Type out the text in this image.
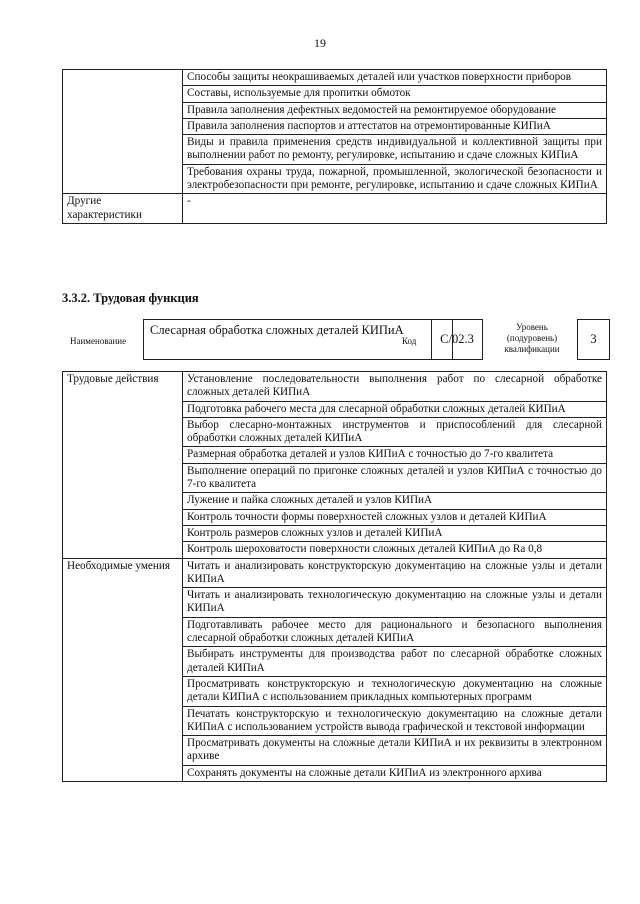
19
	Способы защиты неокрашиваемых деталей или участков поверхности приборов
	Составы, используемые для пропитки обмоток
	Правила заполнения дефектных ведомостей на ремонтируемое оборудование
	Правила заполнения паспортов и аттестатов на отремонтированные КИПиА
	Виды и правила применения средств индивидуальной и коллективной защиты при выполнении работ по ремонту, регулировке, испытанию и сдаче сложных КИПиА
	Требования охраны труда, пожарной, промышленной, экологической безопасности и электробезопасности при ремонте, регулировке, испытанию и сдаче сложных КИПиА
Другие характеристики	-
3.3.2. Трудовая функция
Наименование
Слесарная обработка сложных деталей КИПиА
Код	С/02.3
Уровень (подуровень) квалификации
3
Трудовые действия	Установление последовательности выполнения работ по слесарной обработке сложных деталей КИПиА
	Подготовка рабочего места для слесарной обработки сложных деталей КИПиА
	Выбор слесарно-монтажных инструментов и приспособлений для слесарной обработки сложных деталей КИПиА
	Размерная обработка деталей и узлов КИПиА с точностью до 7-го квалитета
	Выполнение операций по пригонке сложных деталей и узлов КИПиА с точностью до 7-го квалитета
	Лужение и пайка сложных деталей и узлов КИПиА
	Контроль точности формы поверхностей сложных узлов и деталей КИПиА
	Контроль размеров сложных узлов и деталей КИПиА
	Контроль шероховатости поверхности сложных деталей КИПиА до Ra 0,8
Необходимые умения	Читать и анализировать конструкторскую документацию на сложные узлы и детали КИПиА
	Читать и анализировать технологическую документацию на сложные узлы и детали КИПиА
	Подготавливать рабочее место для рационального и безопасного выполнения слесарной обработки сложных деталей КИПиА
	Выбирать инструменты для производства работ по слесарной обработке сложных деталей КИПиА
	Просматривать конструкторскую и технологическую документацию на сложные детали КИПиА с использованием прикладных компьютерных программ
	Печатать конструкторскую и технологическую документацию на сложные детали КИПиА с использованием устройств вывода графической и текстовой информации
	Просматривать документы на сложные детали КИПиА и их реквизиты в электронном архиве
	Сохранять документы на сложные детали КИПиА из электронного архива
